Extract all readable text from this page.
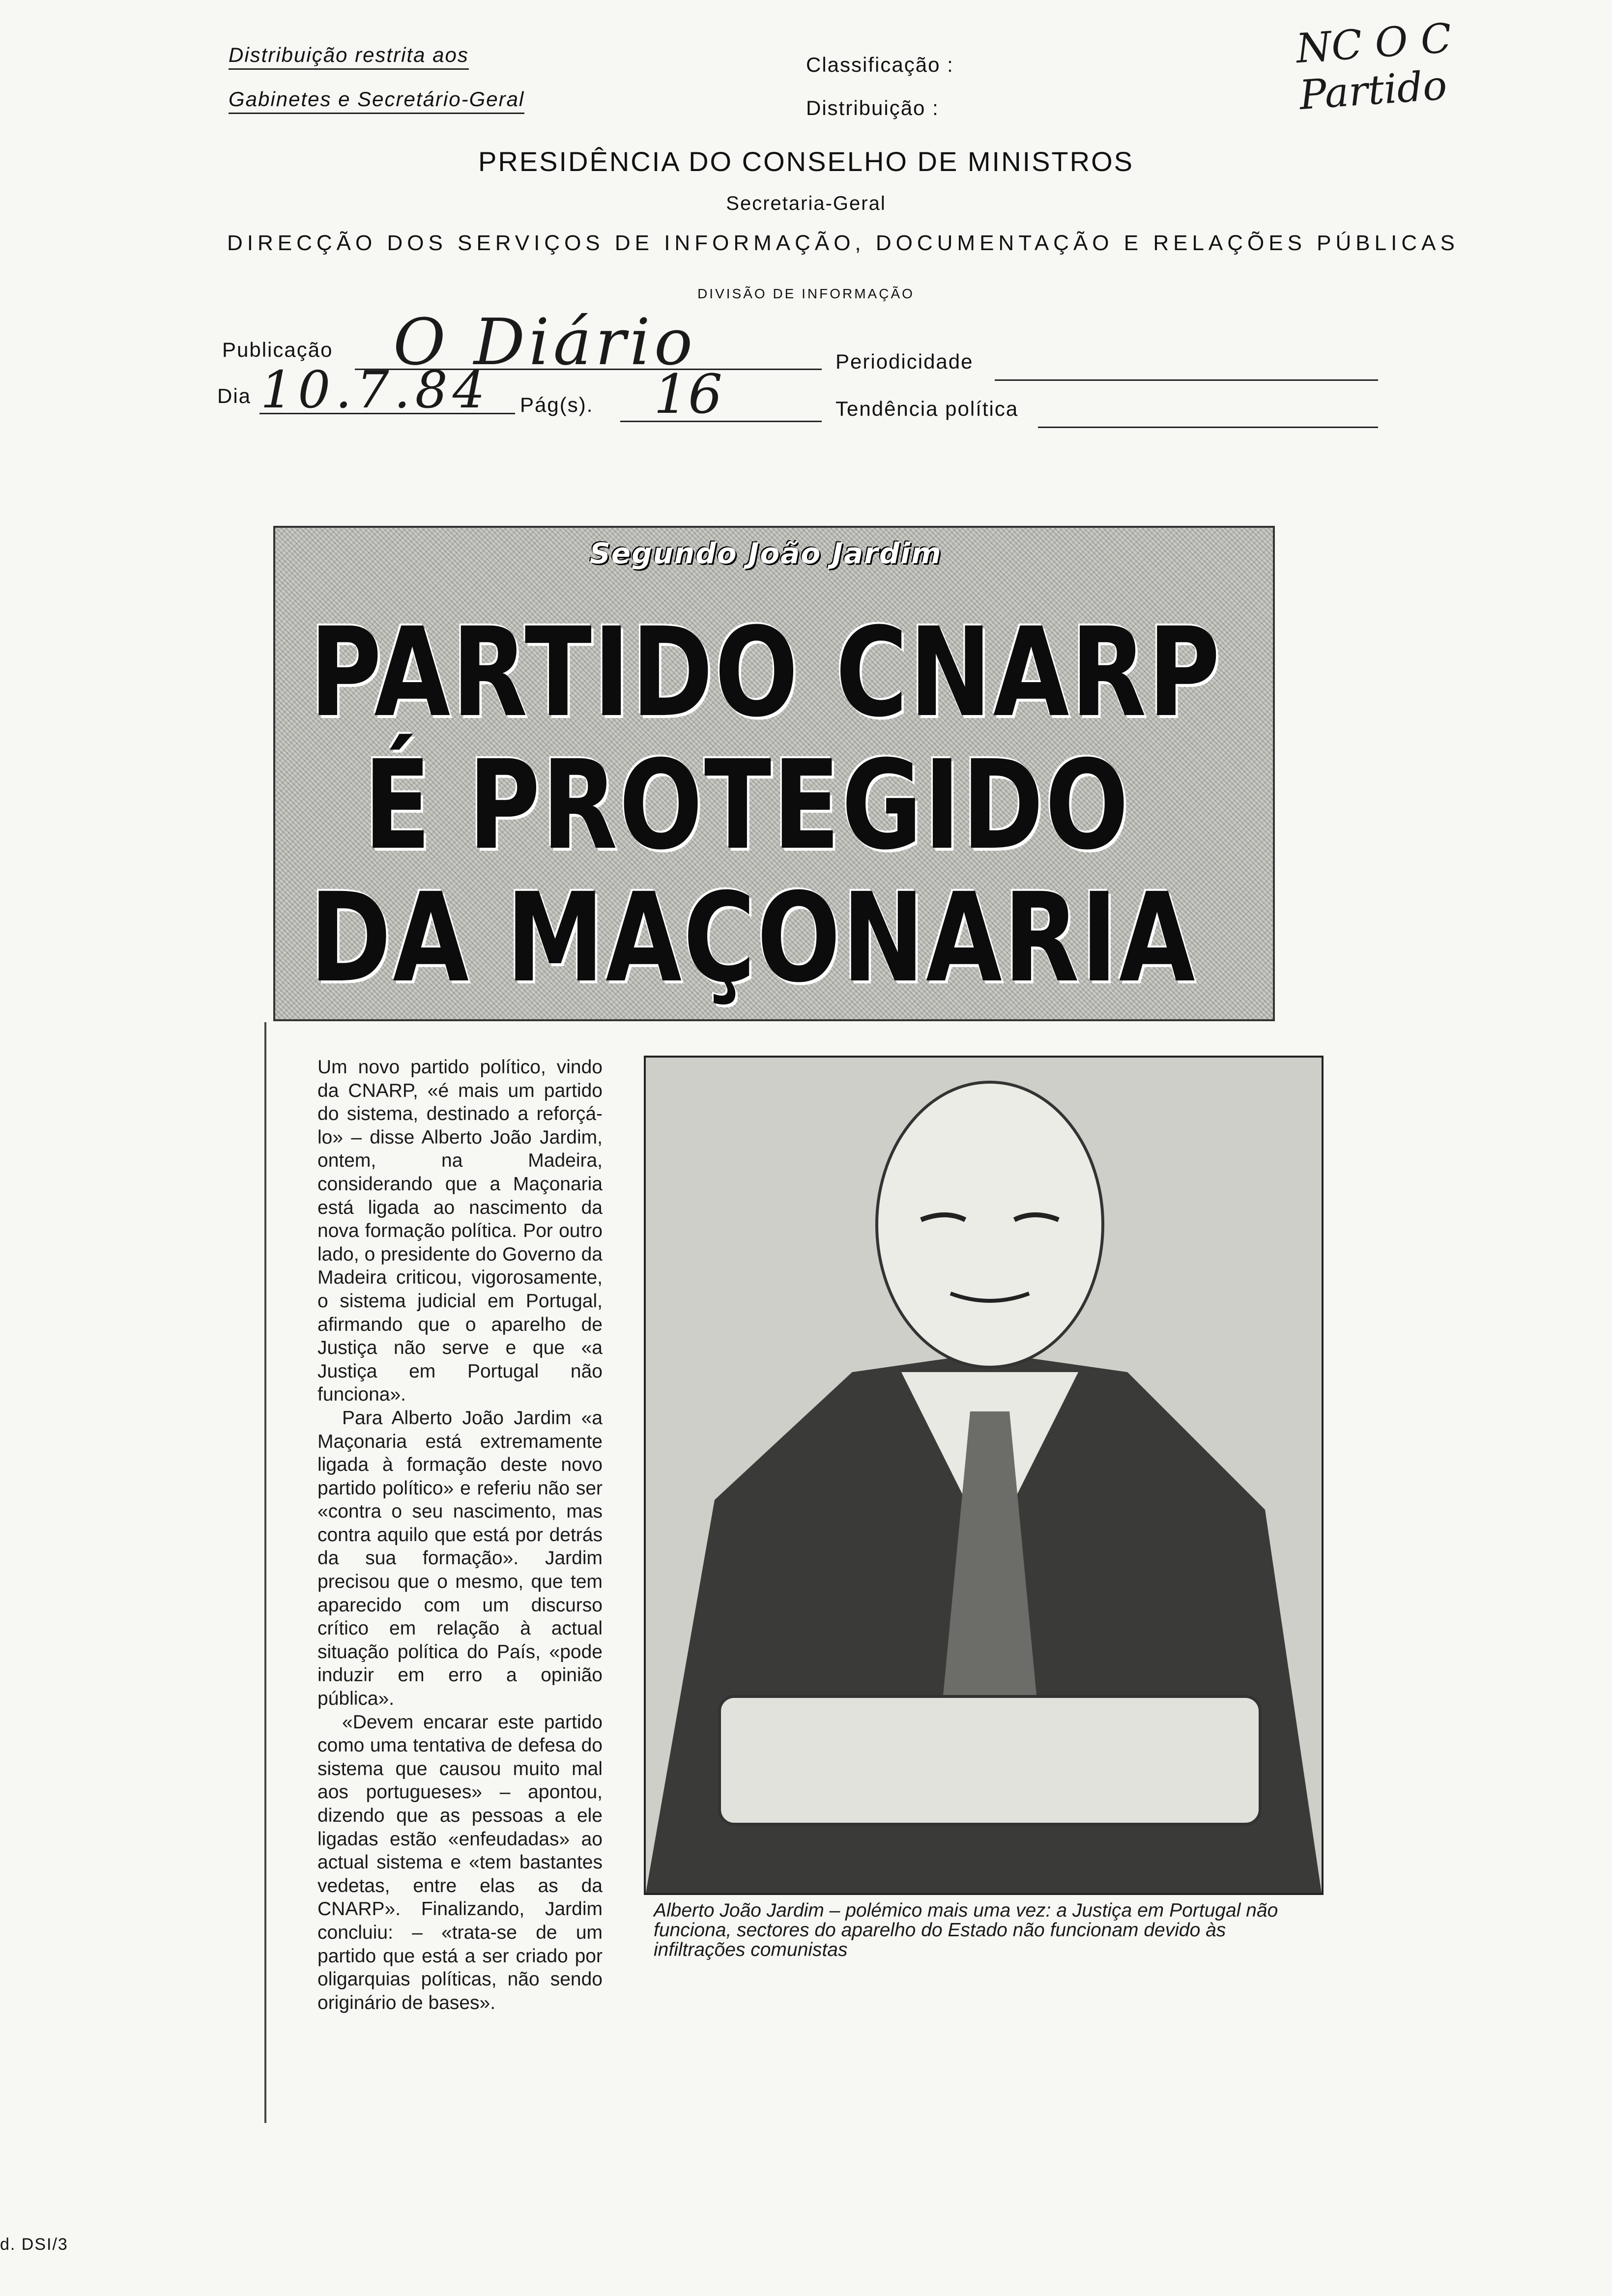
Distribuição restrita aos
Gabinetes e Secretário-Geral
Classificação :
Distribuição :
NC O C Partido
PRESIDÊNCIA DO CONSELHO DE MINISTROS
Secretaria-Geral
DIRECÇÃO DOS SERVIÇOS DE INFORMAÇÃO, DOCUMENTAÇÃO E RELAÇÕES PÚBLICAS
DIVISÃO DE INFORMAÇÃO
Publicação O Diário	Periodicidade
Dia 10.7.84 Pág(s). 16	Tendência política
Segundo João Jardim
PARTIDO CNARP
É PROTEGIDO
DA MAÇONARIA

Um novo partido político, vindo da CNARP, «é mais um partido do sistema, destinado a reforçá-lo» – disse Alberto João Jardim, ontem, na Madeira, considerando que a Maçonaria está ligada ao nascimento da nova formação política. Por outro lado, o presidente do Governo da Madeira criticou, vigorosamente, o sistema judicial em Portugal, afirmando que o aparelho de Justiça não serve e que «a Justiça em Portugal não funciona».

Para Alberto João Jardim «a Maçonaria está extremamente ligada à formação deste novo partido político» e referiu não ser «contra o seu nascimento, mas contra aquilo que está por detrás da sua formação». Jardim precisou que o mesmo, que tem aparecido com um discurso crítico em relação à actual situação política do País, «pode induzir em erro a opinião pública».

«Devem encarar este partido como uma tentativa de defesa do sistema que causou muito mal aos portugueses» – apontou, dizendo que as pessoas a ele ligadas estão «enfeudadas» ao actual sistema e «tem bastantes vedetas, entre elas as da CNARP». Finalizando, Jardim concluiu: – «trata-se de um partido que está a ser criado por oligarquias políticas, não sendo originário de bases».

Alberto João Jardim – polémico mais uma vez: a Justiça em Portugal não funciona, sectores do aparelho do Estado não funcionam devido às infiltrações comunistas
d. DSI/3
